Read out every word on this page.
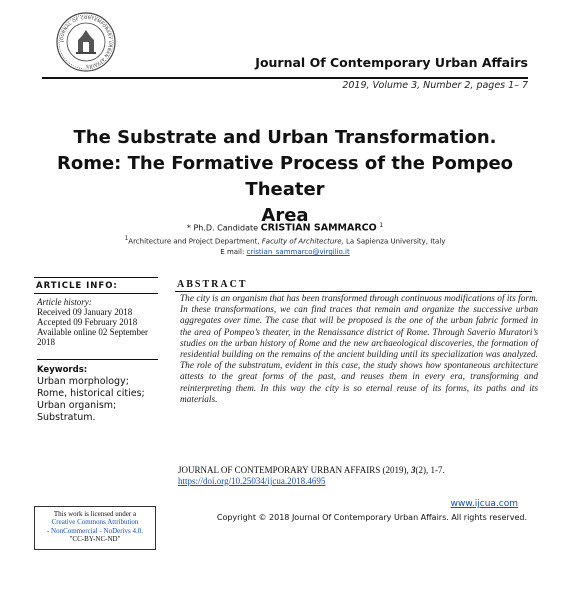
JOURNAL OF CONTEMPORARY URBAN AFFAIRS	Journal Of Contemporary Urban Affairs
2019, Volume 3, Number 2, pages 1– 7
The Substrate and Urban Transformation.
Rome: The Formative Process of the Pompeo Theater
Area
* Ph.D. Candidate CRISTIAN SAMMARCO $^1$
$^1$Architecture and Project Department, Faculty of Architecture, La Sapienza University, Italy
E mail: cristian_sammarco@virgilio.it
ARTICLE INFO:
Article history:
Received 09 January 2018
Accepted 09 February 2018
Available online 02 September
2018
Keywords:
Urban morphology;
Rome, historical cities;
Urban organism;
Substratum.
ABSTRACT
The city is an organism that has been transformed through continuous modifications of its form. In these transformations, we can find traces that remain and organize the successive urban aggregates over time. The case that will be proposed is the one of the urban fabric formed in the area of Pompeo’s theater, in the Renaissance district of Rome. Through Saverio Muratori’s studies on the urban history of Rome and the new archaeological discoveries, the formation of residential building on the remains of the ancient building until its specialization was analyzed. The role of the substratum, evident in this case, the study shows how spontaneous architecture attests to the great forms of the past, and reuses them in every era, transforming and reinterpreting them. In this way the city is so eternal reuse of its forms, its paths and its materials.
JOURNAL OF CONTEMPORARY URBAN AFFAIRS (2019), 3(2), 1-7.
https://doi.org/10.25034/ijcua.2018.4695
This work is licensed under a
Creative Commons Attribution
- NonCommercial - NoDerivs 4.0.
"CC-BY-NC-ND"
www.ijcua.com
Copyright © 2018 Journal Of Contemporary Urban Affairs. All rights reserved.
